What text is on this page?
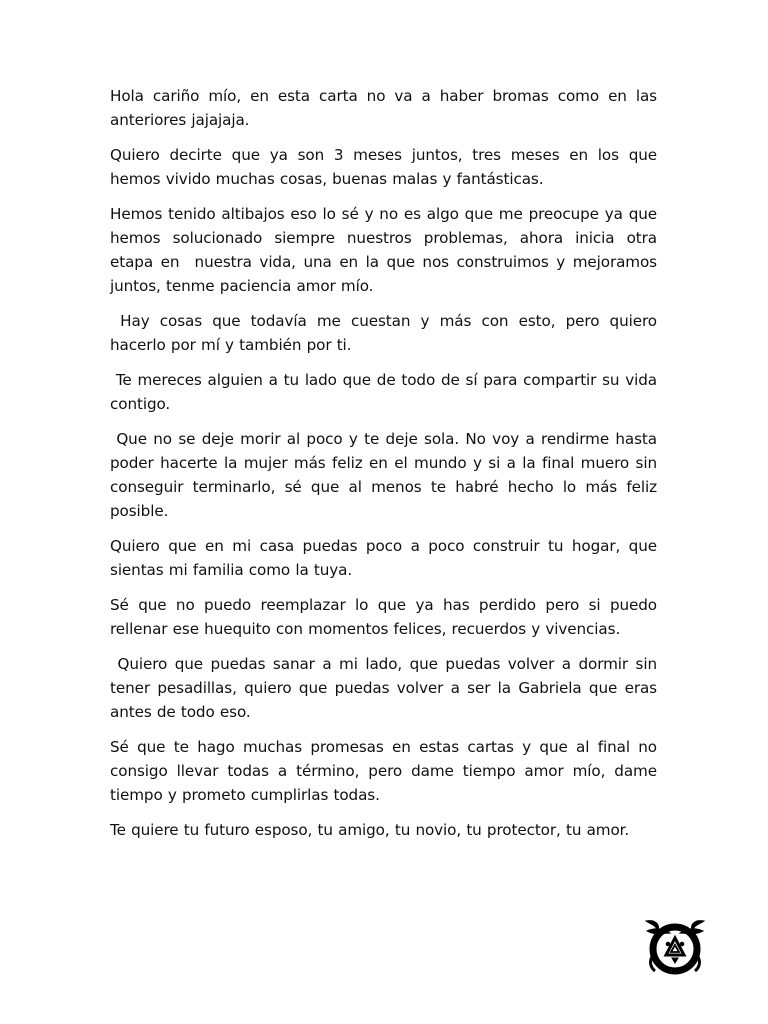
Hola cariño mío, en esta carta no va a haber bromas como en las anteriores jajajaja.

Quiero decirte que ya son 3 meses juntos, tres meses en los que hemos vivido muchas cosas, buenas malas y fantásticas.

Hemos tenido altibajos eso lo sé y no es algo que me preocupe ya que hemos solucionado siempre nuestros problemas, ahora inicia otra etapa en  nuestra vida, una en la que nos construimos y mejoramos juntos, tenme paciencia amor mío.

Hay cosas que todavía me cuestan y más con esto, pero quiero hacerlo por mí y también por ti.

Te mereces alguien a tu lado que de todo de sí para compartir su vida contigo.

Que no se deje morir al poco y te deje sola. No voy a rendirme hasta poder hacerte la mujer más feliz en el mundo y si a la final muero sin conseguir terminarlo, sé que al menos te habré hecho lo más feliz posible.

Quiero que en mi casa puedas poco a poco construir tu hogar, que sientas mi familia como la tuya.

Sé que no puedo reemplazar lo que ya has perdido pero si puedo rellenar ese huequito con momentos felices, recuerdos y vivencias.

Quiero que puedas sanar a mi lado, que puedas volver a dormir sin tener pesadillas, quiero que puedas volver a ser la Gabriela que eras antes de todo eso.

Sé que te hago muchas promesas en estas cartas y que al final no consigo llevar todas a término, pero dame tiempo amor mío, dame tiempo y prometo cumplirlas todas.

Te quiere tu futuro esposo, tu amigo, tu novio, tu protector, tu amor.
